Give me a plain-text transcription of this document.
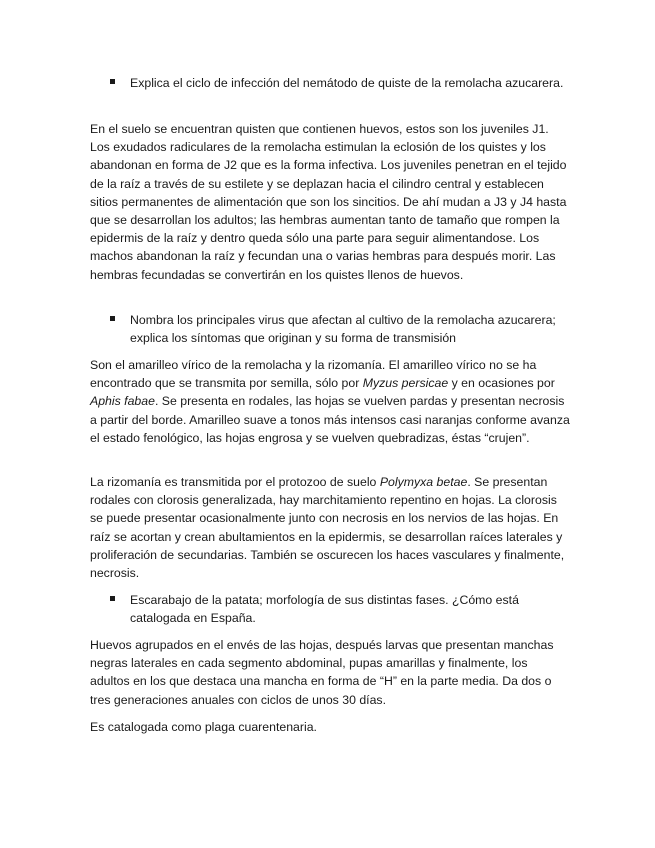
Explica el ciclo de infección del nemátodo de quiste de la remolacha azucarera.

En el suelo se encuentran quisten que contienen huevos, estos son los juveniles J1. Los exudados radiculares de la remolacha estimulan la eclosión de los quistes y los abandonan en forma de J2 que es la forma infectiva. Los juveniles penetran en el tejido de la raíz a través de su estilete y se deplazan hacia el cilindro central y establecen sitios permanentes de alimentación que son los sincitios. De ahí mudan a J3 y J4 hasta que se desarrollan los adultos; las hembras aumentan tanto de tamaño que rompen la epidermis de la raíz y dentro queda sólo una parte para seguir alimentandose. Los machos abandonan la raíz y fecundan una o varias hembras para después morir. Las hembras fecundadas se convertirán en los quistes llenos de huevos.

Nombra los principales virus que afectan al cultivo de la remolacha azucarera; explica los síntomas que originan y su forma de transmisión

Son el amarilleo vírico de la remolacha y la rizomanía. El amarilleo vírico no se ha encontrado que se transmita por semilla, sólo por Myzus persicae y en ocasiones por Aphis fabae. Se presenta en rodales, las hojas se vuelven pardas y presentan necrosis a partir del borde. Amarilleo suave a tonos más intensos casi naranjas conforme avanza el estado fenológico, las hojas engrosa y se vuelven quebradizas, éstas “crujen”.

La rizomanía es transmitida por el protozoo de suelo Polymyxa betae. Se presentan rodales con clorosis generalizada, hay marchitamiento repentino en hojas. La clorosis se puede presentar ocasionalmente junto con necrosis en los nervios de las hojas. En raíz se acortan y crean abultamientos en la epidermis, se desarrollan raíces laterales y proliferación de secundarias. También se oscurecen los haces vasculares y finalmente, necrosis.

Escarabajo de la patata; morfología de sus distintas fases. ¿Cómo está catalogada en España.

Huevos agrupados en el envés de las hojas, después larvas que presentan manchas negras laterales en cada segmento abdominal, pupas amarillas y finalmente, los adultos en los que destaca una mancha en forma de “H” en la parte media. Da dos o tres generaciones anuales con ciclos de unos 30 días.

Es catalogada como plaga cuarentenaria.
